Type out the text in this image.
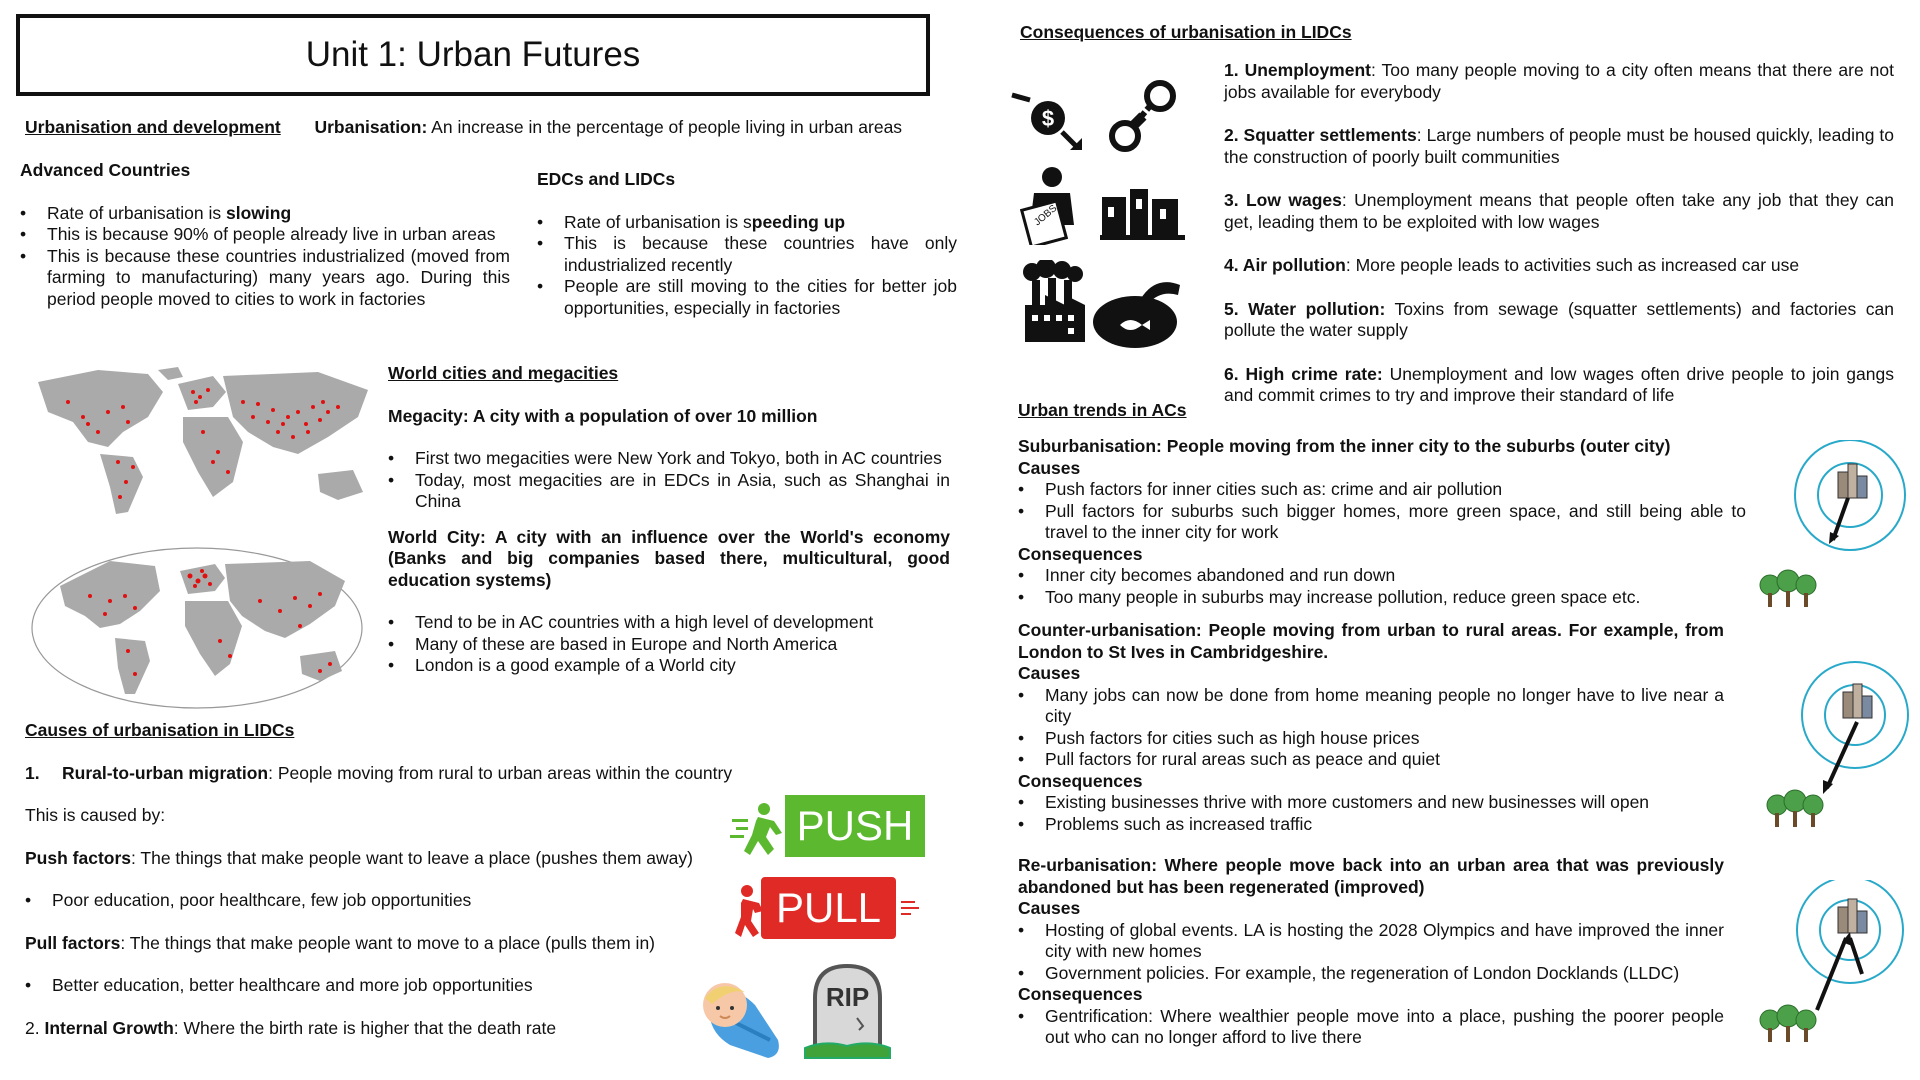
Unit 1: Urban Futures
Urbanisation and development Urbanisation: An increase in the percentage of people living in urban areas
Advanced Countries
• Rate of urbanisation is slowing
• This is because 90% of people already live in urban areas
• This is because these countries industrialized (moved from farming to manufacturing) many years ago. During this period people moved to cities to work in factories
EDCs and LIDCs
• Rate of urbanisation is speeding up
• This is because these countries have only industrialized recently
• People are still moving to the cities for better job opportunities, especially in factories
World cities and megacities
Megacity: A city with a population of over 10 million
• First two megacities were New York and Tokyo, both in AC countries
• Today, most megacities are in EDCs in Asia, such as Shanghai in China
World City: A city with an influence over the World's economy (Banks and big companies based there, multicultural, good education systems)
• Tend to be in AC countries with a high level of development
• Many of these are based in Europe and North America
• London is a good example of a World city
Causes of urbanisation in LIDCs
1. Rural-to-urban migration: People moving from rural to urban areas within the country
This is caused by:
Push factors: The things that make people want to leave a place (pushes them away)
• Poor education, poor healthcare, few job opportunities
Pull factors: The things that make people want to move to a place (pulls them in)
• Better education, better healthcare and more job opportunities
2. Internal Growth: Where the birth rate is higher that the death rate
PUSH
PULL
RIP
Consequences of urbanisation in LIDCs
$
JOBS
1. Unemployment: Too many people moving to a city often means that there are not jobs available for everybody
2. Squatter settlements: Large numbers of people must be housed quickly, leading to the construction of poorly built communities
3. Low wages: Unemployment means that people often take any job that they can get, leading them to be exploited with low wages
4. Air pollution: More people leads to activities such as increased car use
5. Water pollution: Toxins from sewage (squatter settlements) and factories can pollute the water supply
6. High crime rate: Unemployment and low wages often drive people to join gangs and commit crimes to try and improve their standard of life
Urban trends in ACs
Suburbanisation: People moving from the inner city to the suburbs (outer city)
Causes
• Push factors for inner cities such as: crime and air pollution
• Pull factors for suburbs such bigger homes, more green space, and still being able to travel to the inner city for work
Consequences
• Inner city becomes abandoned and run down
• Too many people in suburbs may increase pollution, reduce green space etc.
Counter-urbanisation: People moving from urban to rural areas. For example, from London to St Ives in Cambridgeshire.
Causes
• Many jobs can now be done from home meaning people no longer have to live near a city
• Push factors for cities such as high house prices
• Pull factors for rural areas such as peace and quiet
Consequences
• Existing businesses thrive with more customers and new businesses will open
• Problems such as increased traffic
Re-urbanisation: Where people move back into an urban area that was previously abandoned but has been regenerated (improved)
Causes
• Hosting of global events. LA is hosting the 2028 Olympics and have improved the inner city with new homes
• Government policies. For example, the regeneration of London Docklands (LLDC)
Consequences
• Gentrification: Where wealthier people move into a place, pushing the poorer people out who can no longer afford to live there
